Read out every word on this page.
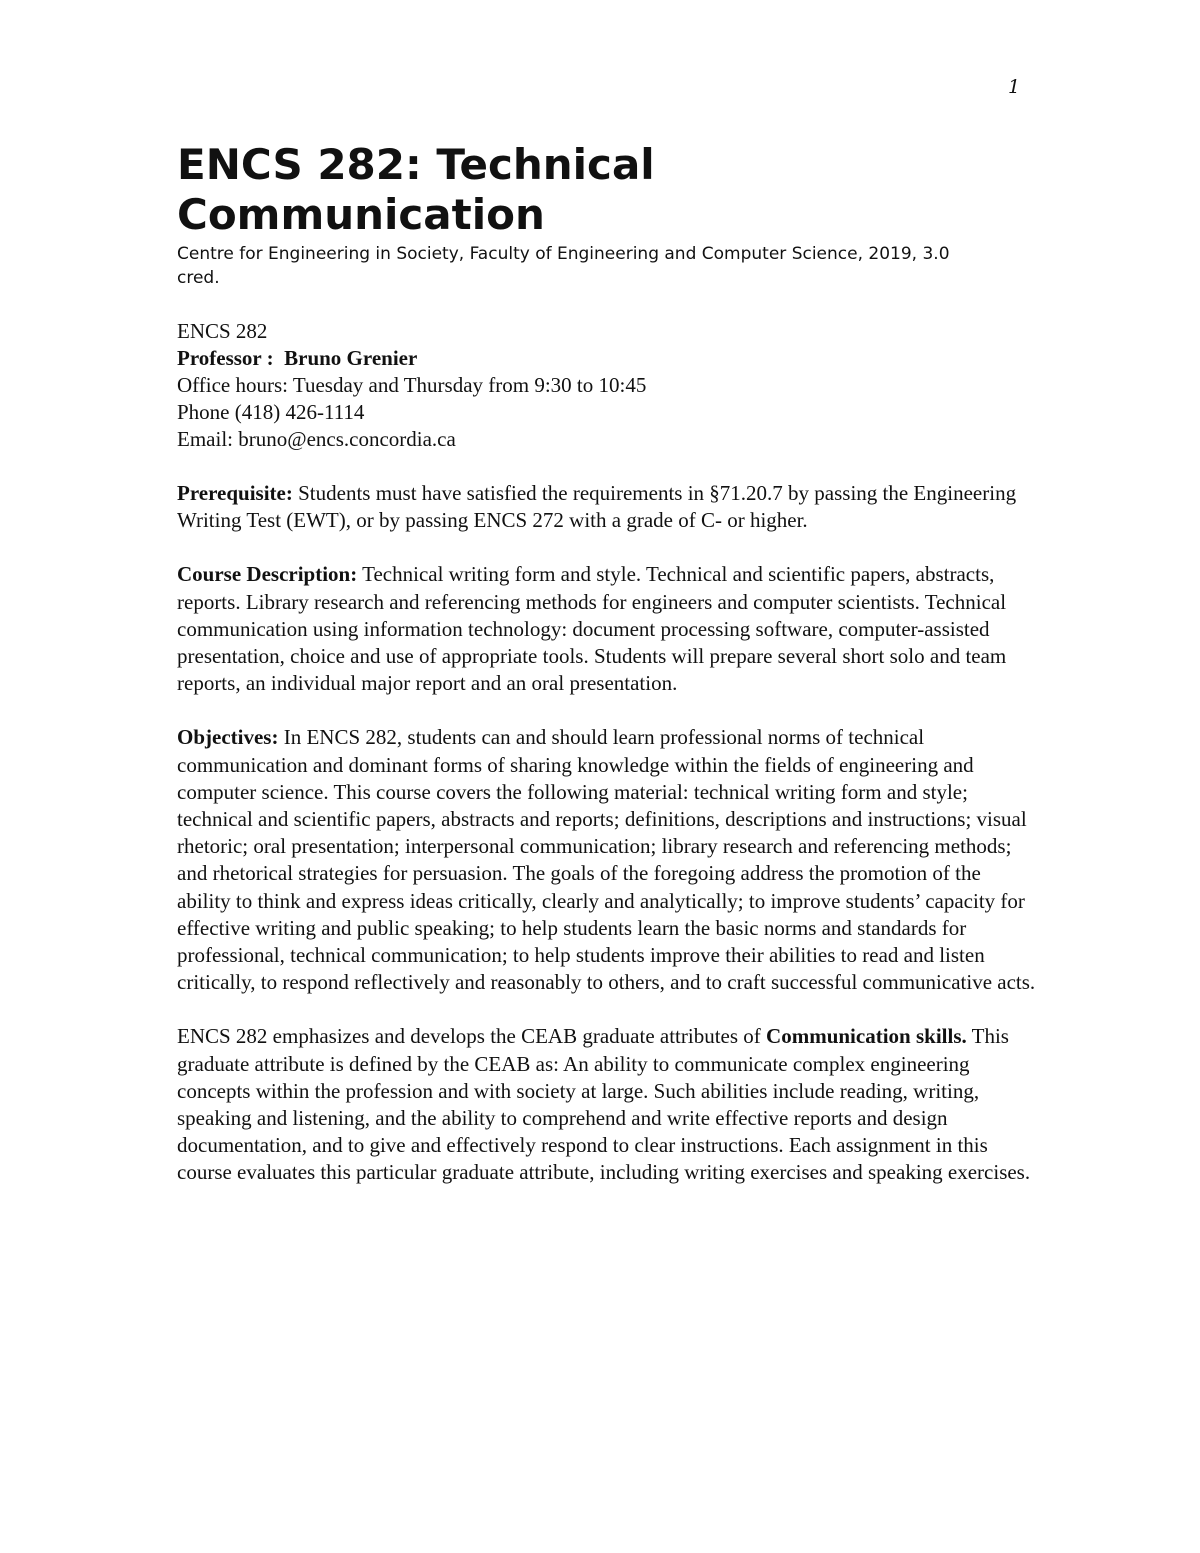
1
ENCS 282: Technical Communication

Centre for Engineering in Society, Faculty of Engineering and Computer Science, 2019, 3.0 cred.

ENCS 282
Professor : Bruno Grenier
Office hours: Tuesday and Thursday from 9:30 to 10:45
Phone (418) 426-1114
Email: bruno@encs.concordia.ca

Prerequisite: Students must have satisfied the requirements in §71.20.7 by passing the Engineering Writing Test (EWT), or by passing ENCS 272 with a grade of C- or higher.

Course Description: Technical writing form and style. Technical and scientific papers, abstracts, reports. Library research and referencing methods for engineers and computer scientists. Technical communication using information technology: document processing software, computer-assisted presentation, choice and use of appropriate tools. Students will prepare several short solo and team reports, an individual major report and an oral presentation.

Objectives: In ENCS 282, students can and should learn professional norms of technical communication and dominant forms of sharing knowledge within the fields of engineering and computer science. This course covers the following material: technical writing form and style; technical and scientific papers, abstracts and reports; definitions, descriptions and instructions; visual rhetoric; oral presentation; interpersonal communication; library research and referencing methods; and rhetorical strategies for persuasion. The goals of the foregoing address the promotion of the ability to think and express ideas critically, clearly and analytically; to improve students’ capacity for effective writing and public speaking; to help students learn the basic norms and standards for professional, technical communication; to help students improve their abilities to read and listen critically, to respond reflectively and reasonably to others, and to craft successful communicative acts.

ENCS 282 emphasizes and develops the CEAB graduate attributes of Communication skills. This graduate attribute is defined by the CEAB as: An ability to communicate complex engineering concepts within the profession and with society at large. Such abilities include reading, writing, speaking and listening, and the ability to comprehend and write effective reports and design documentation, and to give and effectively respond to clear instructions. Each assignment in this course evaluates this particular graduate attribute, including writing exercises and speaking exercises.
